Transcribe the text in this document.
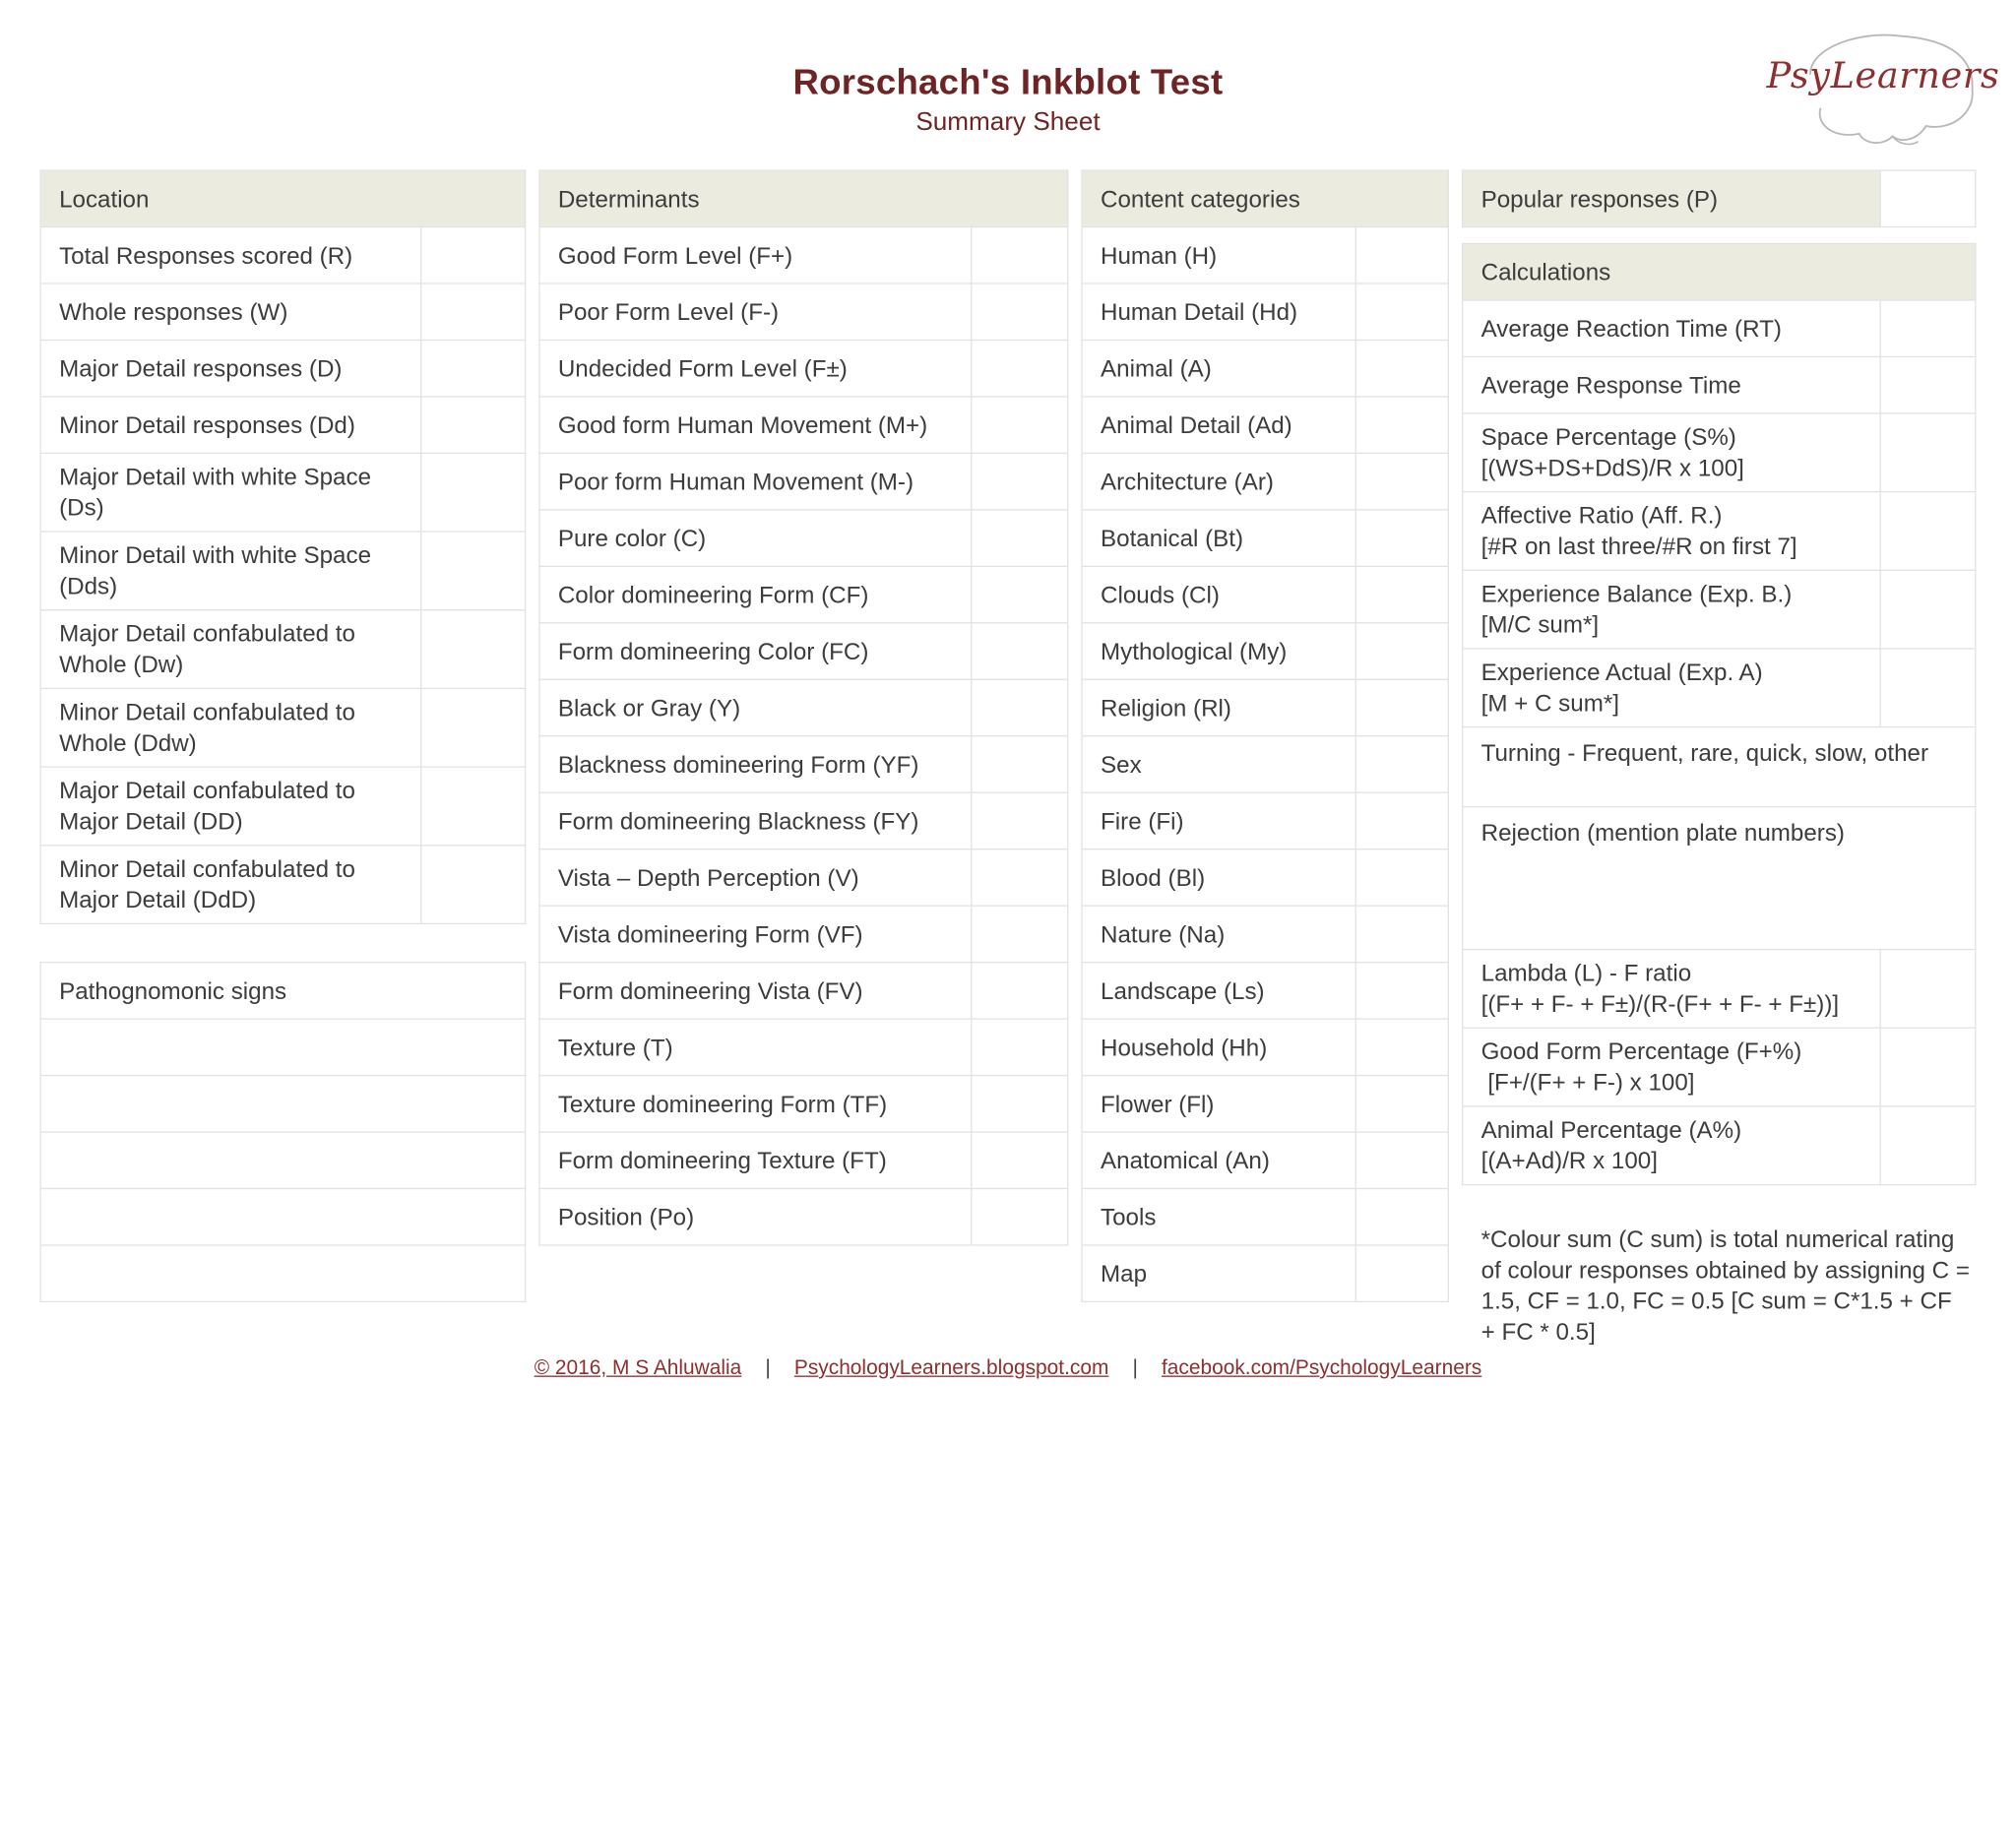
Rorschach's Inkblot Test
Summary Sheet
PsyLearners
Location	
Total Responses scored (R)	
Whole responses (W)	
Major Detail responses (D)	
Minor Detail responses (Dd)	
Major Detail with white Space (Ds)	
Minor Detail with white Space (Dds)	
Major Detail confabulated to Whole (Dw)	
Minor Detail confabulated to Whole (Ddw)	
Major Detail confabulated to Major Detail (DD)	
Minor Detail confabulated to Major Detail (DdD)	
Pathognomonic signs

Determinants	
Good Form Level (F+)	
Poor Form Level (F-)	
Undecided Form Level (F±)	
Good form Human Movement (M+)	
Poor form Human Movement (M-)	
Pure color (C)	
Color domineering Form (CF)	
Form domineering Color (FC)	
Black or Gray (Y)	
Blackness domineering Form (YF)	
Form domineering Blackness (FY)	
Vista – Depth Perception (V)	
Vista domineering Form (VF)	
Form domineering Vista (FV)	
Texture (T)	
Texture domineering Form (TF)	
Form domineering Texture (FT)	
Position (Po)	
Content categories	
Human (H)	
Human Detail (Hd)	
Animal (A)	
Animal Detail (Ad)	
Architecture (Ar)	
Botanical (Bt)	
Clouds (Cl)	
Mythological (My)	
Religion (Rl)	
Sex	
Fire (Fi)	
Blood (Bl)	
Nature (Na)	
Landscape (Ls)	
Household (Hh)	
Flower (Fl)	
Anatomical (An)	
Tools	
Map	
Popular responses (P)	
Calculations	
Average Reaction Time (RT)	
Average Response Time	

Space Percentage (S%)
[(WS+DS+DdS)/R x 100]	

Affective Ratio (Aff. R.)
[#R on last three/#R on first 7]	

Experience Balance (Exp. B.)
[M/C sum*]	

Experience Actual (Exp. A)
[M + C sum*]	

Turning - Frequent, rare, quick, slow, other	
Rejection (mention plate numbers)	

Lambda (L) - F ratio
[(F+ + F- + F±)/(R-(F+ + F- + F±))]	

Good Form Percentage (F+%)
[F+/(F+ + F-) x 100]	

Animal Percentage (A%)
[(A+Ad)/R x 100]	

*Colour sum (C sum) is total numerical rating of colour responses obtained by assigning C = 1.5, CF = 1.0, FC = 0.5 [C sum = C*1.5 + CF + FC * 0.5]
© 2016, M S Ahluwalia | PsychologyLearners.blogspot.com | facebook.com/PsychologyLearners
